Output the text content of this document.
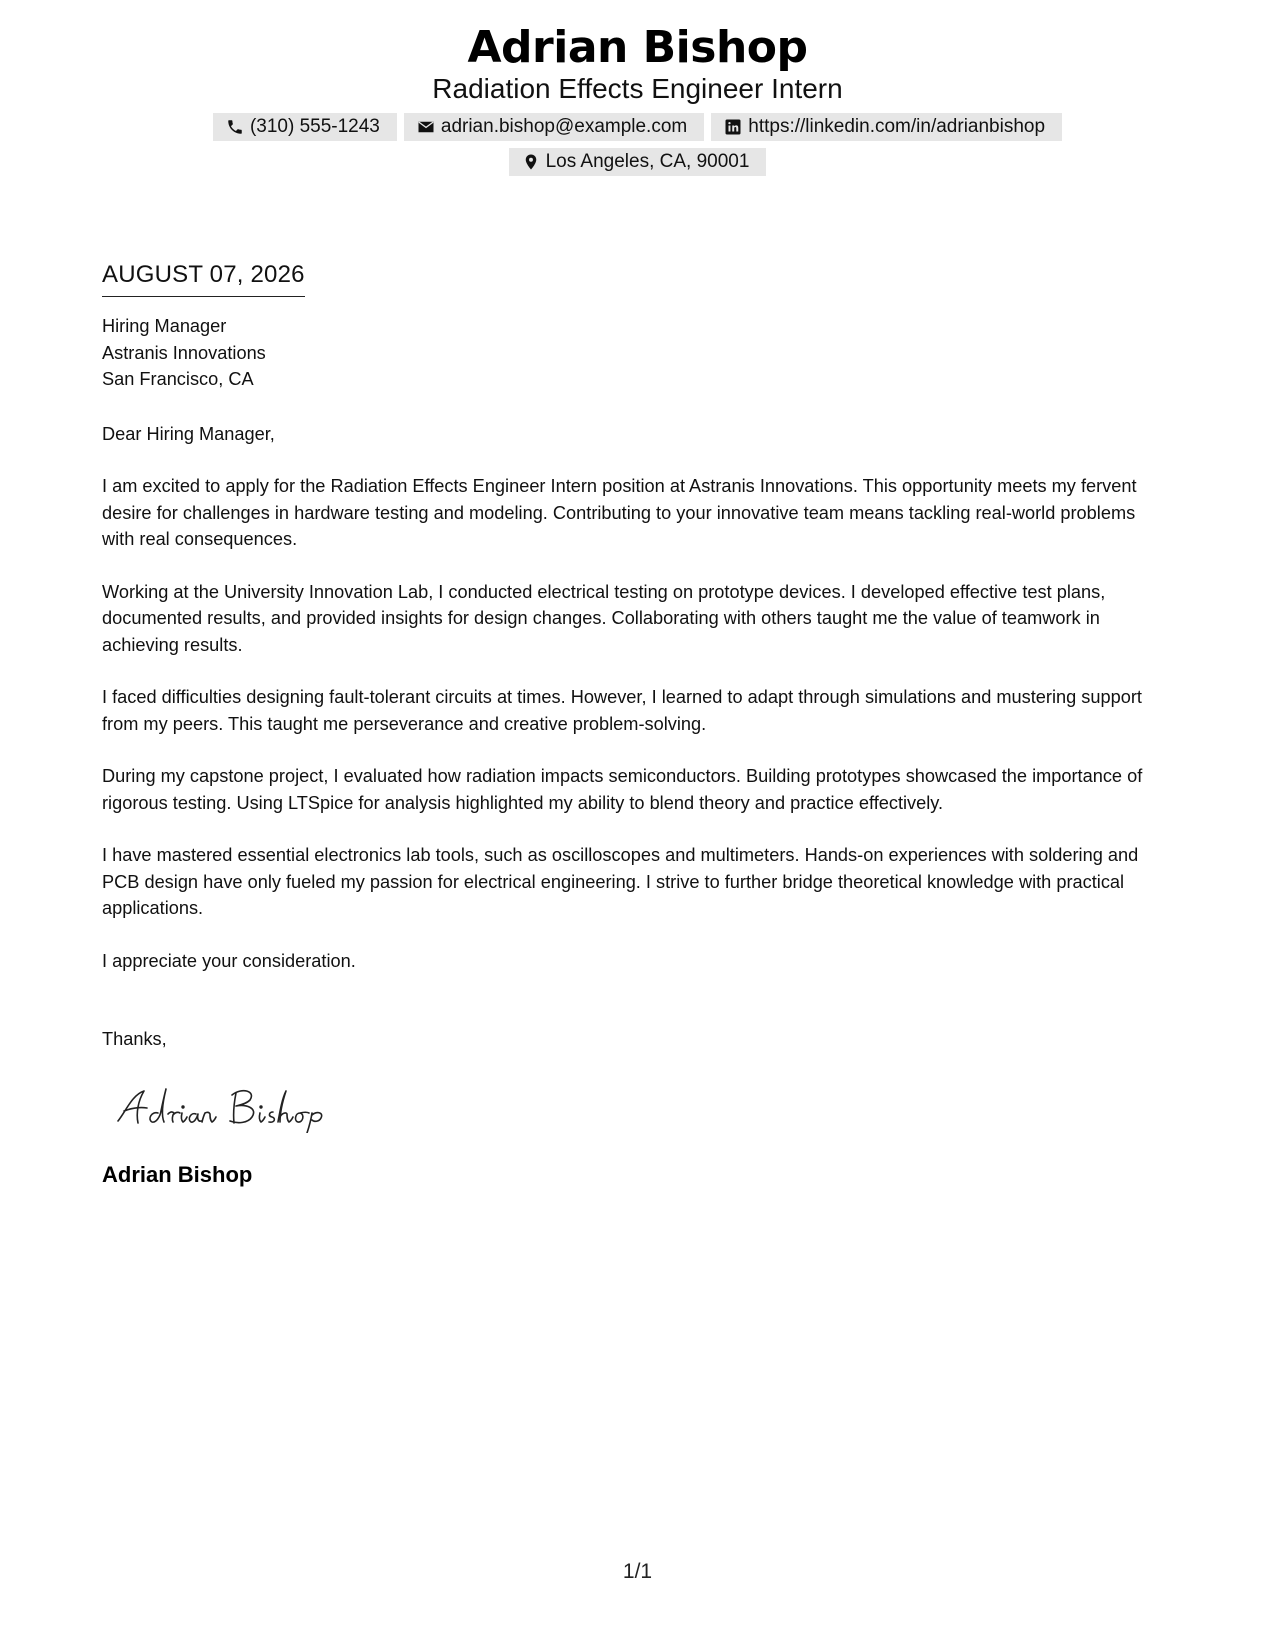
Adrian Bishop
Radiation Effects Engineer Intern
(310) 555-1243	adrian.bishop@example.com	https://linkedin.com/in/adrianbishop
Los Angeles, CA, 90001
AUGUST 07, 2026
Hiring Manager
Astranis Innovations
San Francisco, CA
Dear Hiring Manager,
I am excited to apply for the Radiation Effects Engineer Intern position at Astranis Innovations. This opportunity meets my fervent desire for challenges in hardware testing and modeling. Contributing to your innovative team means tackling real-world problems with real consequences.
Working at the University Innovation Lab, I conducted electrical testing on prototype devices. I developed effective test plans, documented results, and provided insights for design changes. Collaborating with others taught me the value of teamwork in achieving results.
I faced difficulties designing fault-tolerant circuits at times. However, I learned to adapt through simulations and mustering support from my peers. This taught me perseverance and creative problem-solving.
During my capstone project, I evaluated how radiation impacts semiconductors. Building prototypes showcased the importance of rigorous testing. Using LTSpice for analysis highlighted my ability to blend theory and practice effectively.
I have mastered essential electronics lab tools, such as oscilloscopes and multimeters. Hands-on experiences with soldering and PCB design have only fueled my passion for electrical engineering. I strive to further bridge theoretical knowledge with practical applications.
I appreciate your consideration.
Thanks,
Adrian Bishop
1/1
